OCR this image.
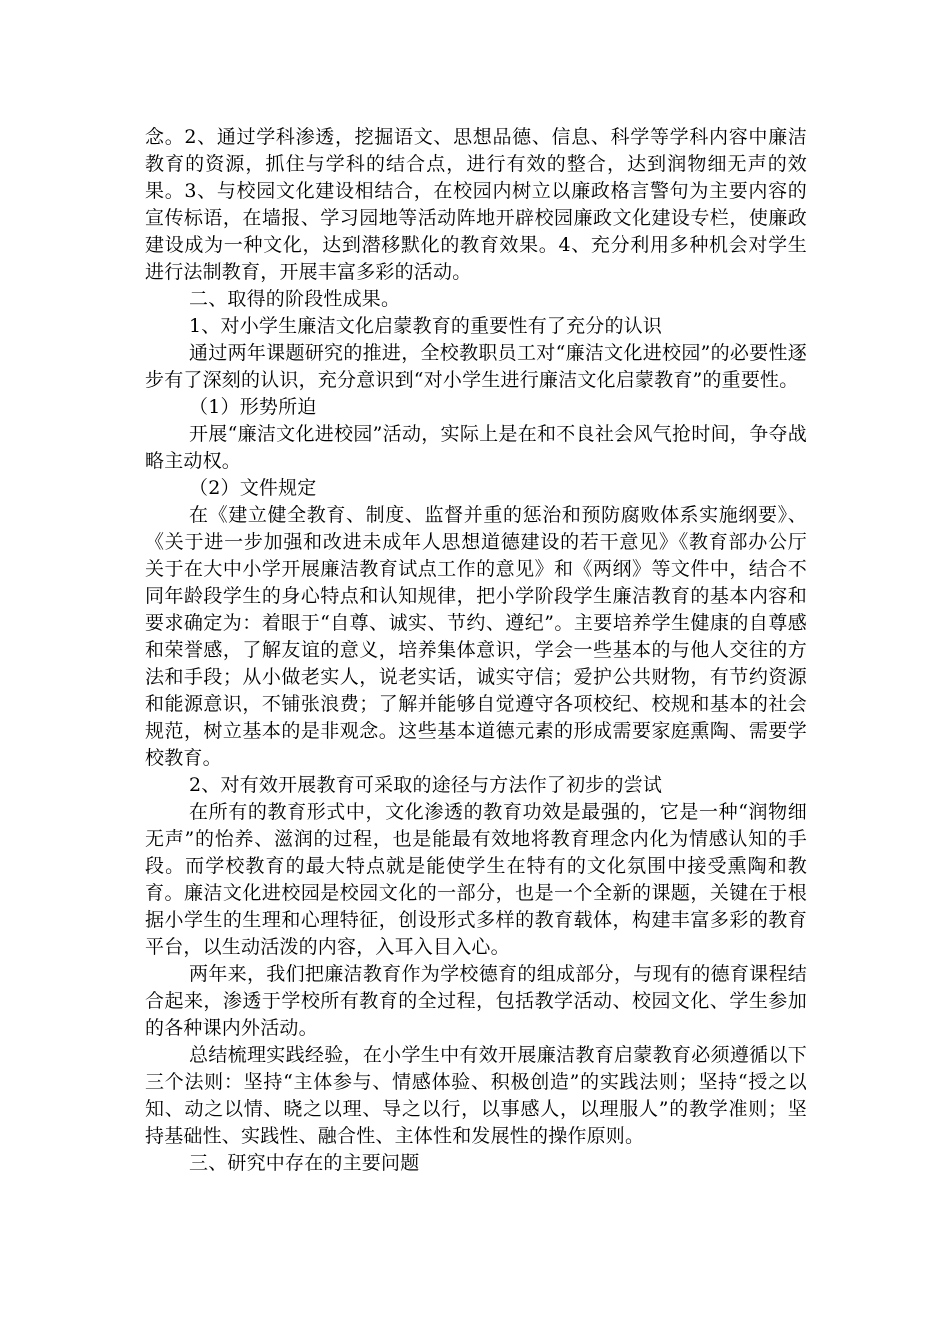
念。2、通过学科渗透，挖掘语文、思想品德、信息、科学等学科内容中廉洁教育的资源，抓住与学科的结合点，进行有效的整合，达到润物细无声的效果。3、与校园文化建设相结合，在校园内树立以廉政格言警句为主要内容的宣传标语，在墙报、学习园地等活动阵地开辟校园廉政文化建设专栏，使廉政建设成为一种文化，达到潜移默化的教育效果。4、充分利用多种机会对学生进行法制教育，开展丰富多彩的活动。

二、取得的阶段性成果。

1、对小学生廉洁文化启蒙教育的重要性有了充分的认识

通过两年课题研究的推进，全校教职员工对“廉洁文化进校园”的必要性逐步有了深刻的认识，充分意识到“对小学生进行廉洁文化启蒙教育”的重要性。

（1）形势所迫

开展“廉洁文化进校园”活动，实际上是在和不良社会风气抢时间，争夺战略主动权。

（2）文件规定

在《建立健全教育、制度、监督并重的惩治和预防腐败体系实施纲要》、《关于进一步加强和改进未成年人思想道德建设的若干意见》《教育部办公厅关于在大中小学开展廉洁教育试点工作的意见》和《两纲》等文件中，结合不同年龄段学生的身心特点和认知规律，把小学阶段学生廉洁教育的基本内容和要求确定为：着眼于“自尊、诚实、节约、遵纪”。主要培养学生健康的自尊感和荣誉感，了解友谊的意义，培养集体意识，学会一些基本的与他人交往的方法和手段；从小做老实人，说老实话，诚实守信；爱护公共财物，有节约资源和能源意识，不铺张浪费；了解并能够自觉遵守各项校纪、校规和基本的社会规范，树立基本的是非观念。这些基本道德元素的形成需要家庭熏陶、需要学校教育。

2、对有效开展教育可采取的途径与方法作了初步的尝试

在所有的教育形式中，文化渗透的教育功效是最强的，它是一种“润物细无声”的怡养、滋润的过程，也是能最有效地将教育理念内化为情感认知的手段。而学校教育的最大特点就是能使学生在特有的文化氛围中接受熏陶和教育。廉洁文化进校园是校园文化的一部分，也是一个全新的课题，关键在于根据小学生的生理和心理特征，创设形式多样的教育载体，构建丰富多彩的教育平台，以生动活泼的内容，入耳入目入心。

两年来，我们把廉洁教育作为学校德育的组成部分，与现有的德育课程结合起来，渗透于学校所有教育的全过程，包括教学活动、校园文化、学生参加的各种课内外活动。

总结梳理实践经验，在小学生中有效开展廉洁教育启蒙教育必须遵循以下三个法则：坚持“主体参与、情感体验、积极创造”的实践法则；坚持“授之以知、动之以情、晓之以理、导之以行，以事感人，以理服人”的教学准则；坚持基础性、实践性、融合性、主体性和发展性的操作原则。

三、研究中存在的主要问题
